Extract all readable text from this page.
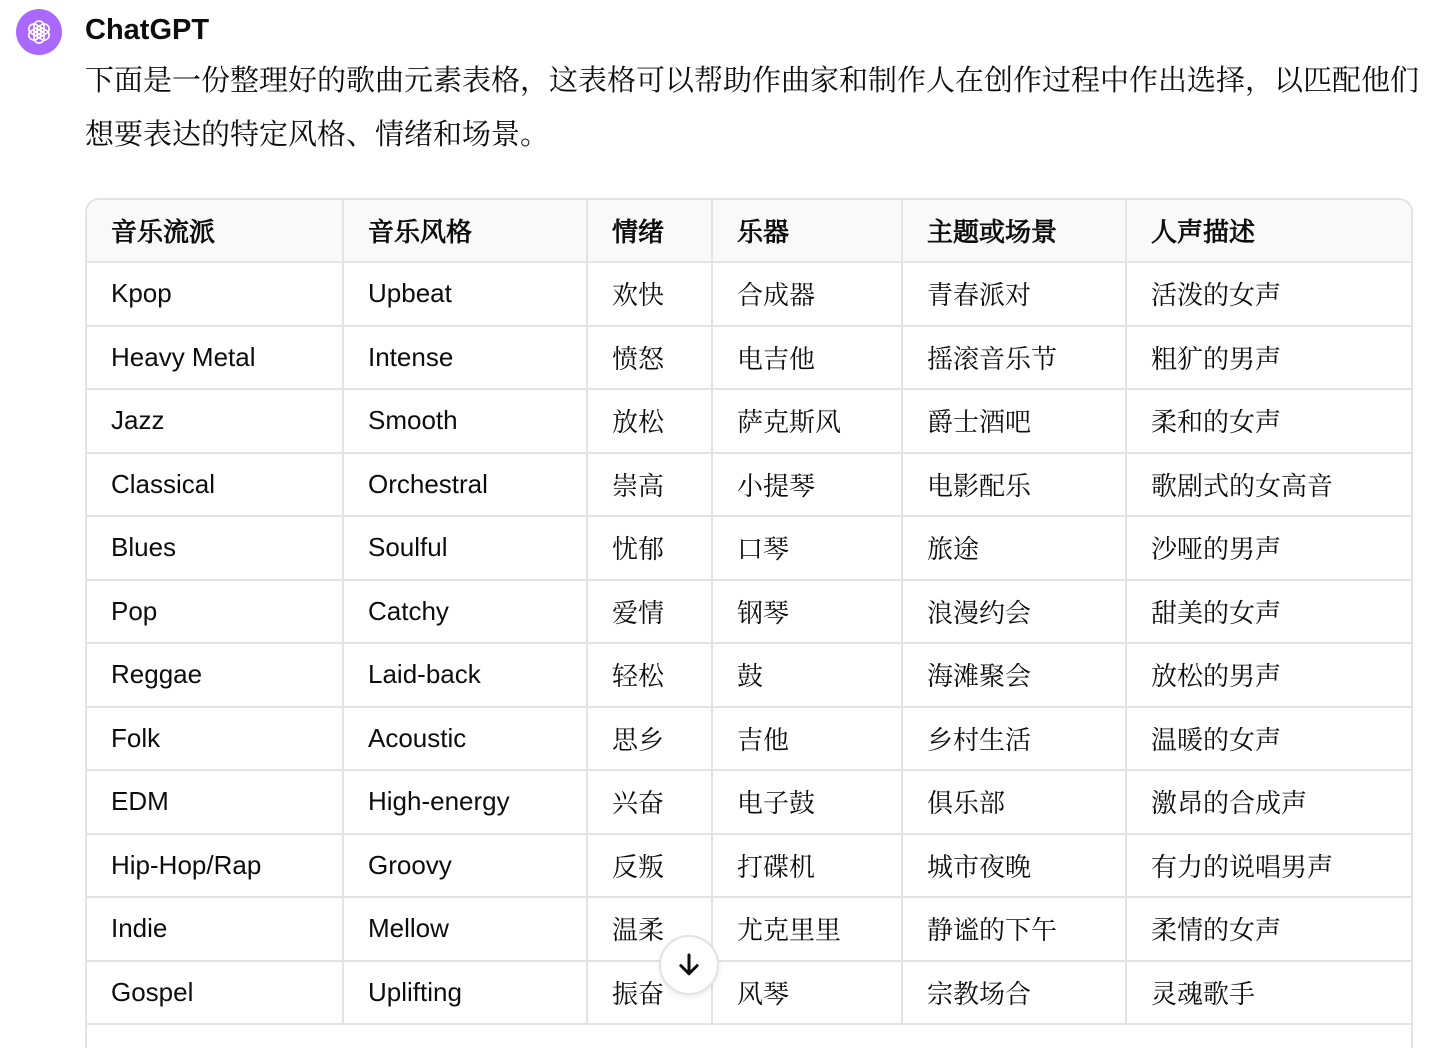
ChatGPT
下面是一份整理好的歌曲元素表格，这表格可以帮助作曲家和制作人在创作过程中作出选择，以匹配他们想要表达的特定风格、情绪和场景。
音乐流派	音乐风格	情绪	乐器	主题或场景	人声描述
Kpop	Upbeat	欢快	合成器	青春派对	活泼的女声
Heavy Metal	Intense	愤怒	电吉他	摇滚音乐节	粗犷的男声
Jazz	Smooth	放松	萨克斯风	爵士酒吧	柔和的女声
Classical	Orchestral	崇高	小提琴	电影配乐	歌剧式的女高音
Blues	Soulful	忧郁	口琴	旅途	沙哑的男声
Pop	Catchy	爱情	钢琴	浪漫约会	甜美的女声
Reggae	Laid-back	轻松	鼓	海滩聚会	放松的男声
Folk	Acoustic	思乡	吉他	乡村生活	温暖的女声
EDM	High-energy	兴奋	电子鼓	俱乐部	激昂的合成声
Hip-Hop/Rap	Groovy	反叛	打碟机	城市夜晚	有力的说唱男声
Indie	Mellow	温柔	尤克里里	静谧的下午	柔情的女声
Gospel	Uplifting	振奋	风琴	宗教场合	灵魂歌手
